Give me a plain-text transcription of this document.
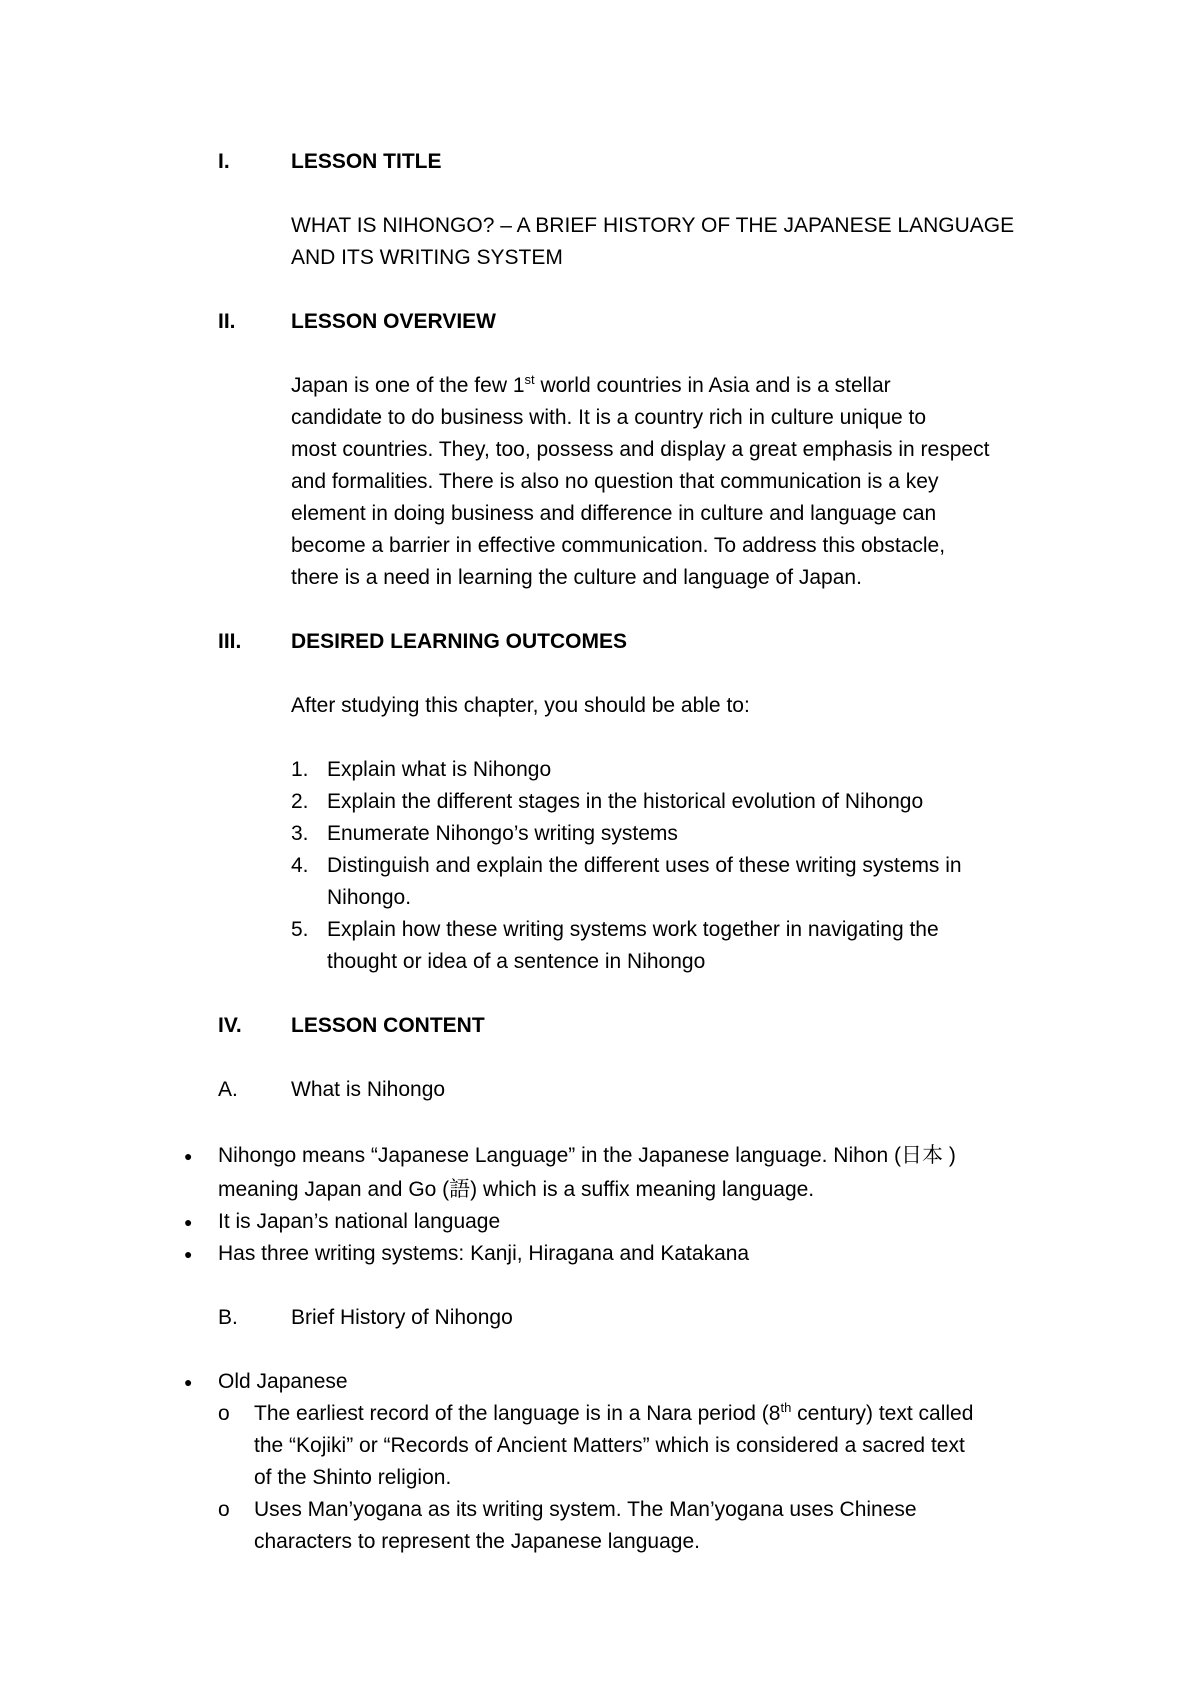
I.	LESSON TITLE
WHAT IS NIHONGO? – A BRIEF HISTORY OF THE JAPANESE LANGUAGE
AND ITS WRITING SYSTEM
II.	LESSON OVERVIEW
Japan is one of the few 1st world countries in Asia and is a stellar
candidate to do business with. It is a country rich in culture unique to
most countries. They, too, possess and display a great emphasis in respect
and formalities. There is also no question that communication is a key
element in doing business and difference in culture and language can
become a barrier in effective communication. To address this obstacle,
there is a need in learning the culture and language of Japan.
III. DESIRED LEARNING OUTCOMES
After studying this chapter, you should be able to:
1. Explain what is Nihongo
2. Explain the different stages in the historical evolution of Nihongo
3. Enumerate Nihongo’s writing systems
4. Distinguish and explain the different uses of these writing systems in
Nihongo.
5. Explain how these writing systems work together in navigating the
thought or idea of a sentence in Nihongo
IV. LESSON CONTENT
A.	What is Nihongo
● Nihongo means “Japanese Language” in the Japanese language. Nihon (日本 )
meaning Japan and Go (語) which is a suffix meaning language.
● It is Japan’s national language
● Has three writing systems: Kanji, Hiragana and Katakana
B.	Brief History of Nihongo
● Old Japanese
o The earliest record of the language is in a Nara period (8th century) text called
the “Kojiki” or “Records of Ancient Matters” which is considered a sacred text
of the Shinto religion.
o Uses Man’yogana as its writing system. The Man’yogana uses Chinese
characters to represent the Japanese language.
